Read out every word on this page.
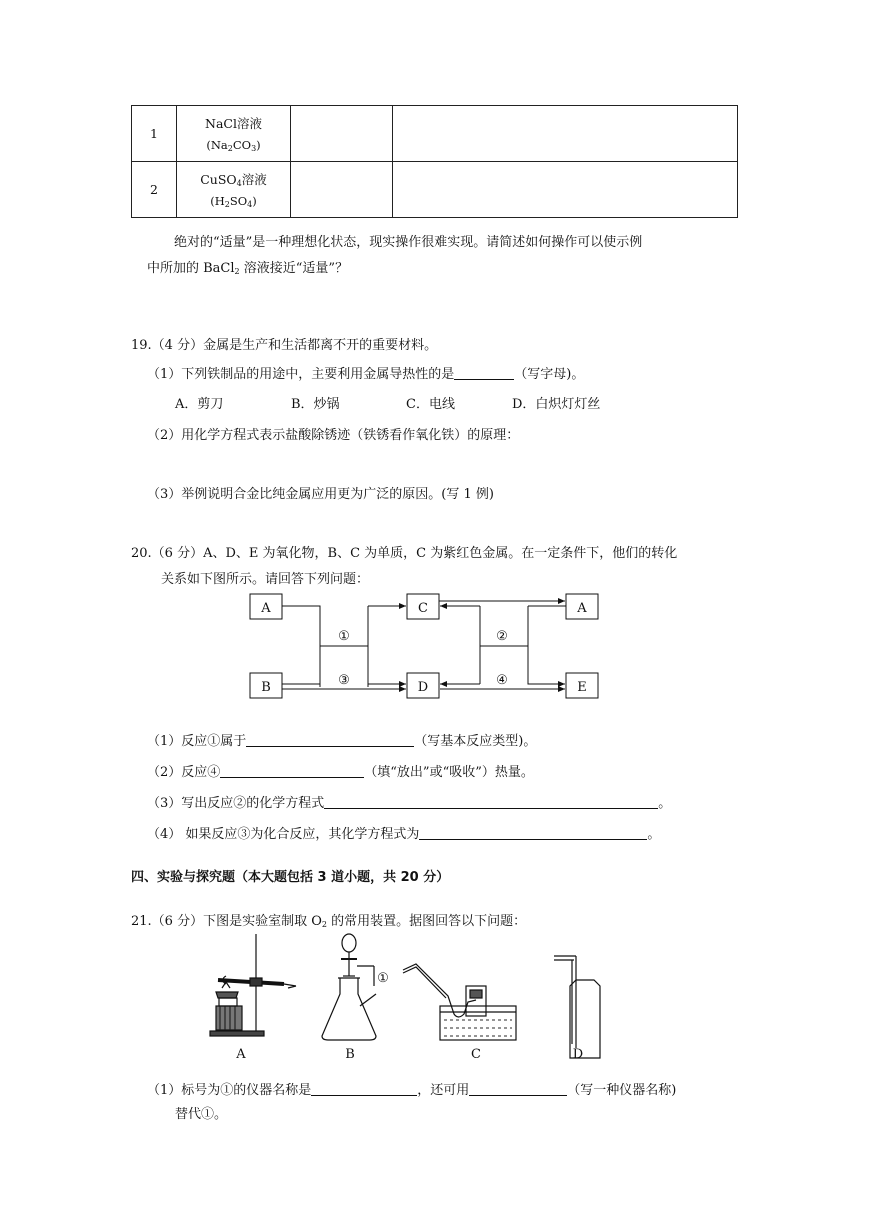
1	NaCl溶液
$(Na_2CO_3)$		

2	CuSO$_4$溶液
$(H_2SO_4)$		

绝对的“适量”是一种理想化状态，现实操作很难实现。请简述如何操作可以使示例
中所加的 BaCl$_2$ 溶液接近“适量”？
19.（4 分）金属是生产和生活都离不开的重要材料。
（1）下列铁制品的用途中，主要利用金属导热性的是	（写字母)。
A．剪刀	B．炒锅	C．电线	D．白炽灯灯丝
（2）用化学方程式表示盐酸除锈迹（铁锈看作氧化铁）的原理：
（3）举例说明合金比纯金属应用更为广泛的原因。(写 1 例)
20.（6 分）A、D、E 为氧化物，B、C 为单质，C 为紫红色金属。在一定条件下，他们的转化
关系如下图所示。请回答下列问题：
A
B
C
D
A
E
①
③
②
④
（1）反应①属于	（写基本反应类型)。
（2）反应④	（填“放出”或“吸收”）热量。
（3）写出反应②的化学方程式	。
（4） 如果反应③为化合反应，其化学方程式为	。
四、实验与探究题（本大题包括 3 道小题，共 20 分）
21.（6 分）下图是实验室制取 $O_2$ 的常用装置。据图回答以下问题：
A	B	C	D
①
（1）标号为①的仪器名称是	，还可用	（写一种仪器名称)
替代①。
